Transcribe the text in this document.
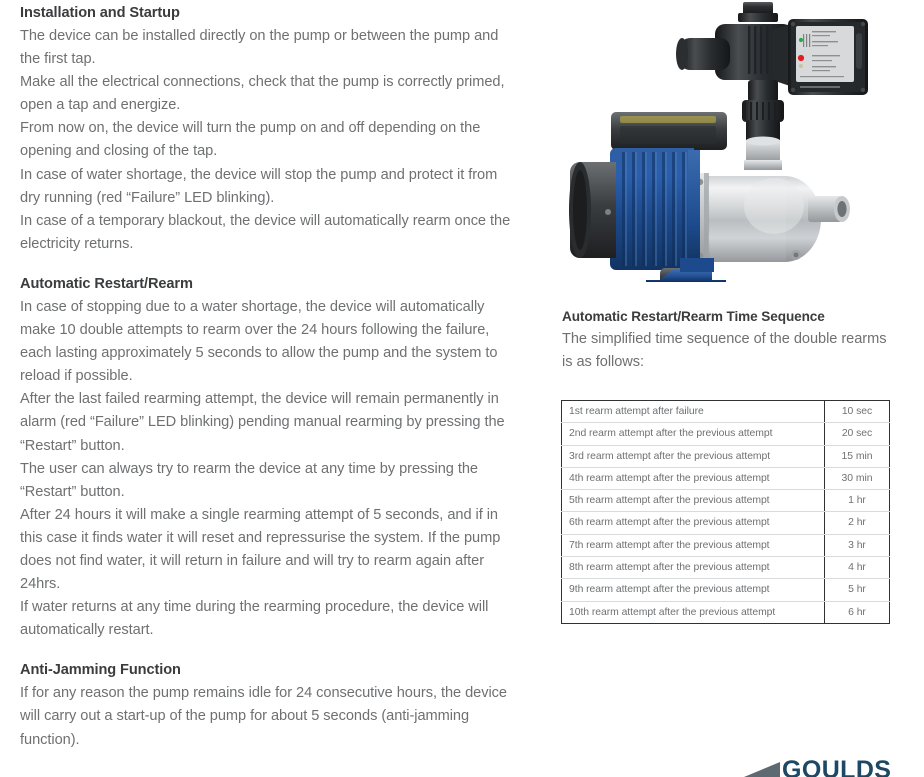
Installation and Startup

The device can be installed directly on the pump or between the pump and the first tap.

Make all the electrical connections, check that the pump is correctly primed, open a tap and energize.

From now on, the device will turn the pump on and off depending on the opening and closing of the tap.

In case of water shortage, the device will stop the pump and protect it from dry running (red “Failure” LED blinking).

In case of a temporary blackout, the device will automatically rearm once the electricity returns.

Automatic Restart/Rearm

In case of stopping due to a water shortage, the device will automatically make 10 double attempts to rearm over the 24 hours following the failure, each lasting approximately 5 seconds to allow the pump and the system to reload if possible.

After the last failed rearming attempt, the device will remain permanently in alarm (red “Failure” LED blinking) pending manual rearming by pressing the “Restart” button.

The user can always try to rearm the device at any time by pressing the “Restart” button.

After 24 hours it will make a single rearming attempt of 5 seconds, and if in this case it finds water it will reset and repressurise the system. If the pump does not find water, it will return in failure and will try to rearm again after 24hrs.

If water returns at any time during the rearming procedure, the device will automatically restart.

Anti-Jamming Function

If for any reason the pump remains idle for 24 consecutive hours, the device will carry out a start-up of the pump for about 5 seconds (anti-jamming function).

Automatic Restart/Rearm Time Sequence

The simplified time sequence of the double rearms is as follows:

1st rearm attempt after failure	10 sec
2nd rearm attempt after the previous attempt	20 sec
3rd rearm attempt after the previous attempt	15 min
4th rearm attempt after the previous attempt	30 min
5th rearm attempt after the previous attempt	1 hr
6th rearm attempt after the previous attempt	2 hr
7th rearm attempt after the previous attempt	3 hr
8th rearm attempt after the previous attempt	4 hr
9th rearm attempt after the previous attempt	5 hr
10th rearm attempt after the previous attempt	6 hr
GOULDS
